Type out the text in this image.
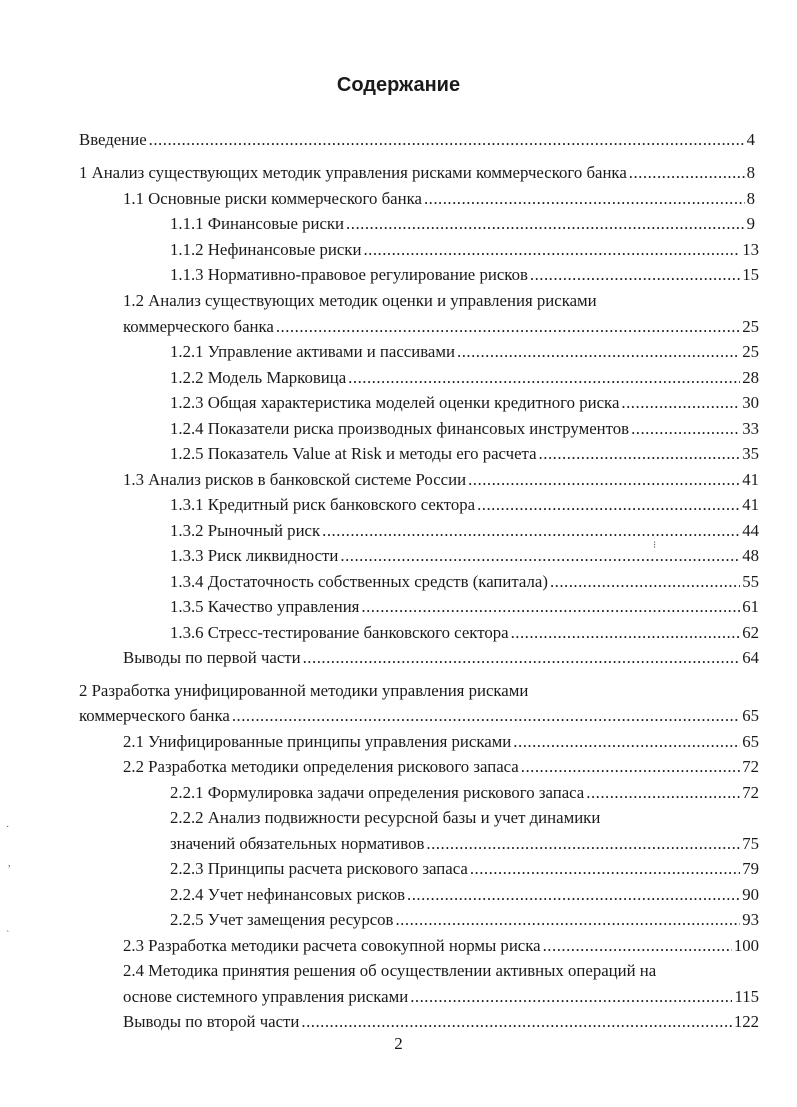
Содержание
Введение .....	4
1 Анализ существующих методик управления рисками коммерческого банка .....	8
1.1 Основные риски коммерческого банка .....	8
1.1.1 Финансовые риски .....	9
1.1.2 Нефинансовые риски .....	13
1.1.3 Нормативно-правовое регулирование рисков .....	15
1.2 Анализ существующих методик оценки и управления рисками
коммерческого банка .....	25
1.2.1 Управление активами и пассивами .....	25
1.2.2 Модель Марковица .....	28
1.2.3 Общая характеристика моделей оценки кредитного риска .....	30
1.2.4 Показатели риска производных финансовых инструментов .....	33
1.2.5 Показатель Value at Risk и методы его расчета .....	35
1.3 Анализ рисков в банковской системе России .....	41
1.3.1 Кредитный риск банковского сектора .....	41
1.3.2 Рыночный риск .....	44
1.3.3 Риск ликвидности .....	48
1.3.4 Достаточность собственных средств (капитала) .....	55
1.3.5 Качество управления .....	61
1.3.6 Стресс-тестирование банковского сектора .....	62
Выводы по первой части .....	64
2 Разработка унифицированной методики управления рисками
коммерческого банка .....	65
2.1 Унифицированные принципы управления рисками .....	65
2.2 Разработка методики определения рискового запаса .....	72
2.2.1 Формулировка задачи определения рискового запаса .....	72
2.2.2 Анализ подвижности ресурсной базы и учет динамики
значений обязательных нормативов .....	75
2.2.3 Принципы расчета рискового запаса .....	79
2.2.4 Учет нефинансовых рисков .....	90
2.2.5 Учет замещения ресурсов .....	93
2.3 Разработка методики расчета совокупной нормы риска .....	100
2.4 Методика принятия решения об осуществлении активных операций на
основе системного управления рисками .....	115
Выводы по второй части .....	122
2
·
,
`
⁝
